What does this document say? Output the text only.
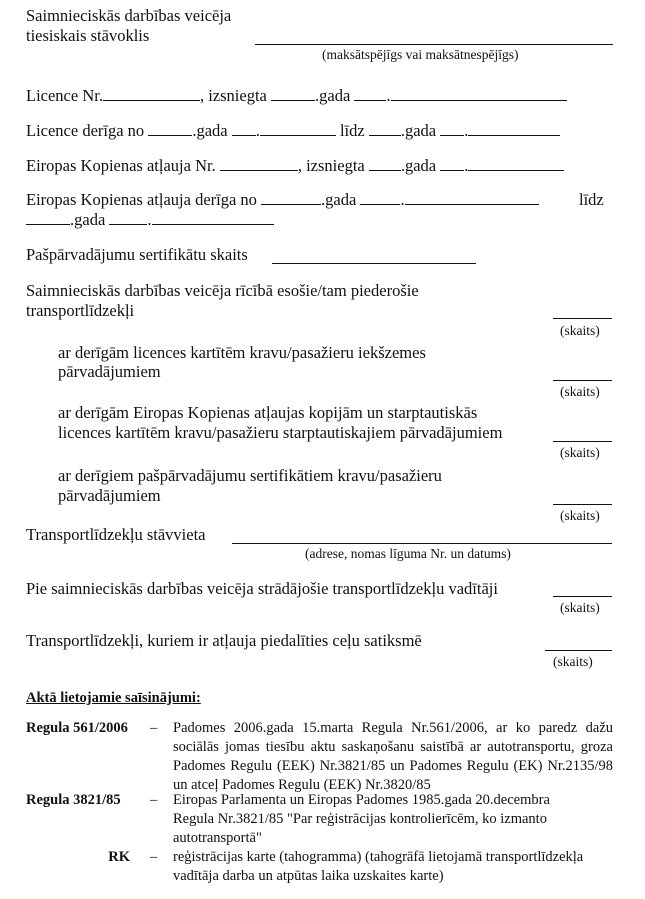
Saimnieciskās darbības veicēja
tiesiskais stāvoklis
(maksātspējīgs vai maksātnespējīgs)
Licence Nr.	, izsniegta	.gada .
Licence derīga no	.gada .	līdz .gada .
Eiropas Kopienas atļauja Nr.	, izsniegta .gada .
Eiropas Kopienas atļauja derīga no	.gada	.	līdz
.gada	.
Pašpārvadājumu sertifikātu skaits
Saimnieciskās darbības veicēja rīcībā esošie/tam piederošie
transportlīdzekļi
(skaits)
ar derīgām licences kartītēm kravu/pasažieru iekšzemes
pārvadājumiem
(skaits)
ar derīgām Eiropas Kopienas atļaujas kopijām un starptautiskās
licences kartītēm kravu/pasažieru starptautiskajiem pārvadājumiem
(skaits)
ar derīgiem pašpārvadājumu sertifikātiem kravu/pasažieru
pārvadājumiem
(skaits)
Transportlīdzekļu stāvvieta
(adrese, nomas līguma Nr. un datums)
Pie saimnieciskās darbības veicēja strādājošie transportlīdzekļu vadītāji
(skaits)
Transportlīdzekļi, kuriem ir atļauja piedalīties ceļu satiksmē
(skaits)
Aktā lietojamie saīsinājumi:
Regula 561/2006 – Padomes 2006.gada 15.marta Regula Nr.561/2006, ar ko paredz dažu sociālās jomas tiesību aktu saskaņošanu saistībā ar autotransportu, groza Padomes Regulu (EEK) Nr.3821/85 un Padomes Regulu (EK) Nr.2135/98 un atceļ Padomes Regulu (EEK) Nr.3820/85
Regula 3821/85 – Eiropas Parlamenta un Eiropas Padomes 1985.gada 20.decembra
Regula Nr.3821/85 "Par reģistrācijas kontrolierīcēm, ko izmanto
autotransportā"
RK – reģistrācijas karte (tahogramma) (tahogrāfā lietojamā transportlīdzekļa
vadītāja darba un atpūtas laika uzskaites karte)
